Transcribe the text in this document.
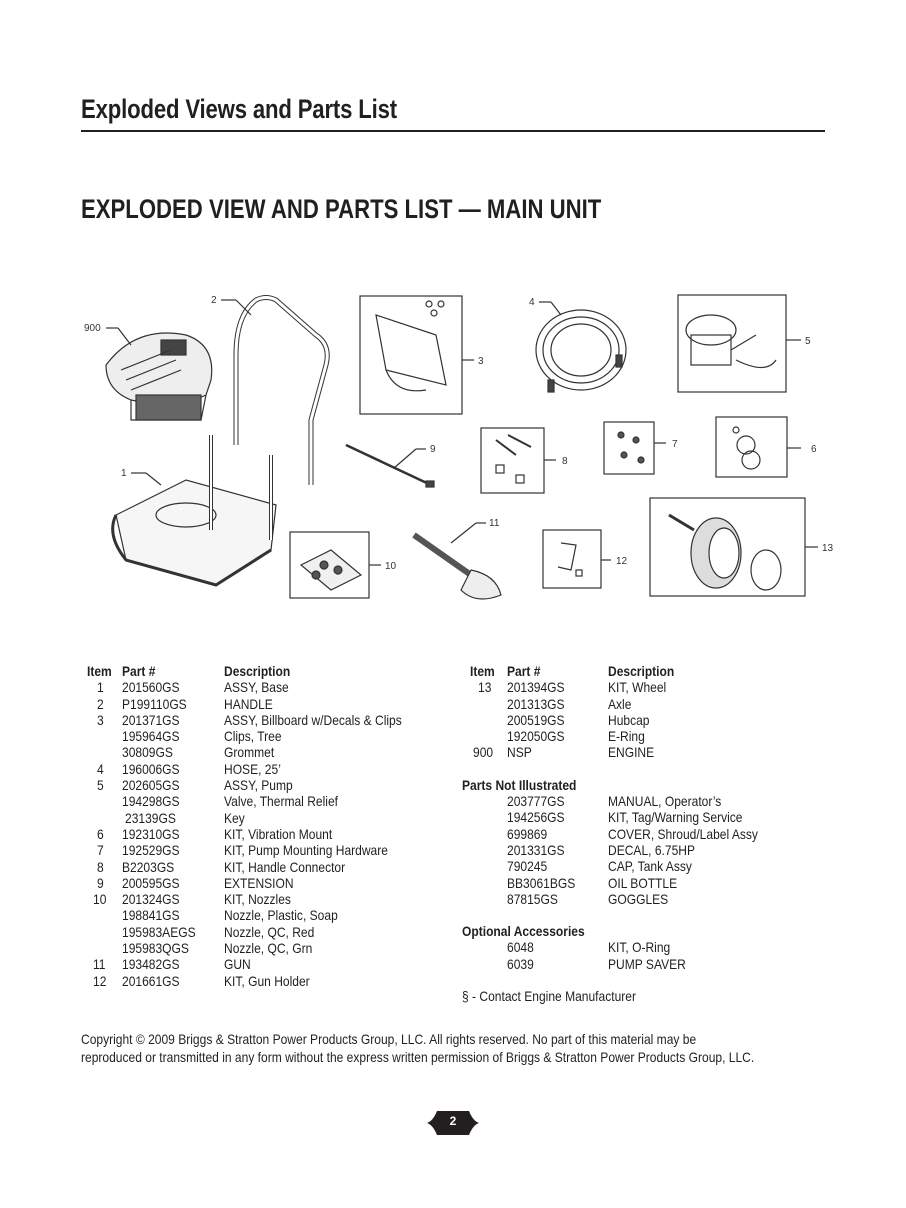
Exploded Views and Parts List
EXPLODED VIEW AND PARTS LIST — MAIN UNIT
900
2
1
3
4
5
6
7
8
9
10
11
12
13
Item Part #	Description
1 201560GS	ASSY, Base
2 P199110GS	HANDLE
3 201371GS	ASSY, Billboard w/Decals & Clips
195964GS	Clips, Tree
30809GS	Grommet
4 196006GS	HOSE, 25’
5 202605GS	ASSY, Pump
194298GS	Valve, Thermal Relief
23139GS	Key
6 192310GS	KIT, Vibration Mount
7 192529GS	KIT, Pump Mounting Hardware
8 B2203GS	KIT, Handle Connector
9 200595GS	EXTENSION
10 201324GS	KIT, Nozzles
198841GS	Nozzle, Plastic, Soap
195983AEGS Nozzle, QC, Red
195983QGS	Nozzle, QC, Grn
11 193482GS	GUN
12 201661GS	KIT, Gun Holder
Item Part #	Description
13 201394GS	KIT, Wheel
201313GS	Axle
200519GS	Hubcap
192050GS	E-Ring
900 NSP	ENGINE
Parts Not Illustrated
203777GS	MANUAL, Operator’s
194256GS	KIT, Tag/Warning Service
699869	COVER, Shroud/Label Assy
201331GS	DECAL, 6.75HP
790245	CAP, Tank Assy
BB3061BGS OIL BOTTLE
87815GS	GOGGLES
Optional Accessories
6048	KIT, O-Ring
6039	PUMP SAVER
§ - Contact Engine Manufacturer
Copyright © 2009 Briggs & Stratton Power Products Group, LLC. All rights reserved. No part of this material may be
reproduced or transmitted in any form without the express written permission of Briggs & Stratton Power Products Group, LLC.
2
